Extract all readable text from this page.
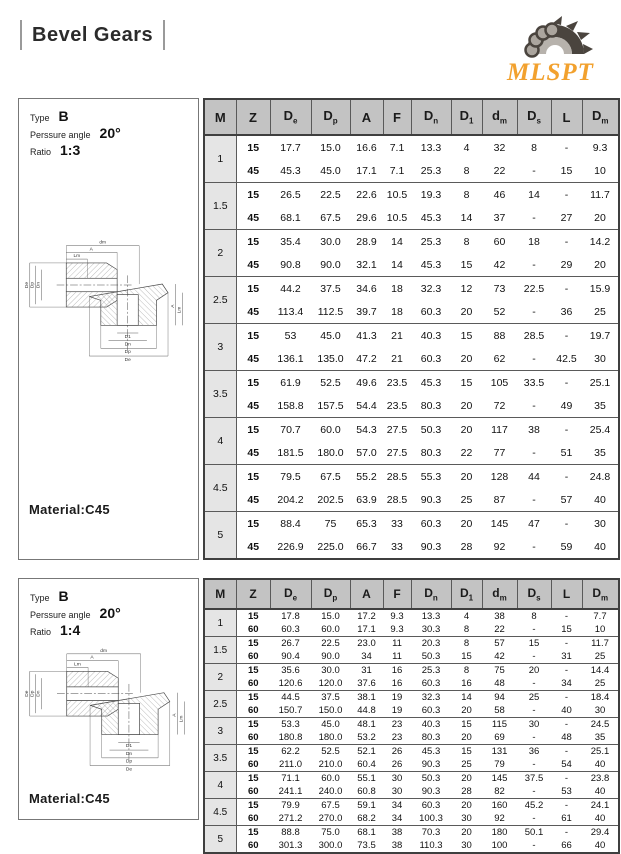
Bevel Gears
MLSPT
Type B
Perssure angle 20°
Ratio 1:3
dm
A
Lm
De Dp Dn
D1
Dn
Dp
De
A
Lm
Material:C45
M	Z	$D_e$	$D_p$	A	F	$D_n$	$D_1$	$d_m$	$D_s$	L	$D_m$
1	15	17.7	15.0	16.6	7.1	13.3	4	32	8	-	9.3
	45	45.3	45.0	17.1	7.1	25.3	8	22	-	15	10
1.5	15	26.5	22.5	22.6	10.5	19.3	8	46	14	-	11.7
	45	68.1	67.5	29.6	10.5	45.3	14	37	-	27	20
2	15	35.4	30.0	28.9	14	25.3	8	60	18	-	14.2
	45	90.8	90.0	32.1	14	45.3	15	42	-	29	20
2.5	15	44.2	37.5	34.6	18	32.3	12	73	22.5	-	15.9
	45	113.4	112.5	39.7	18	60.3	20	52	-	36	25
3	15	53	45.0	41.3	21	40.3	15	88	28.5	-	19.7
	45	136.1	135.0	47.2	21	60.3	20	62	-	42.5	30
3.5	15	61.9	52.5	49.6	23.5	45.3	15	105	33.5	-	25.1
	45	158.8	157.5	54.4	23.5	80.3	20	72	-	49	35
4	15	70.7	60.0	54.3	27.5	50.3	20	117	38	-	25.4
	45	181.5	180.0	57.0	27.5	80.3	22	77	-	51	35
4.5	15	79.5	67.5	55.2	28.5	55.3	20	128	44	-	24.8
	45	204.2	202.5	63.9	28.5	90.3	25	87	-	57	40
5	15	88.4	75	65.3	33	60.3	20	145	47	-	30
	45	226.9	225.0	66.7	33	90.3	28	92	-	59	40
Type B
Perssure angle 20°
Ratio 1:4
dm
A
Lm
De Dp Dn
D1
Dn
Dp
De
A
Lm
Material:C45
M	Z	$D_e$	$D_p$	A	F	$D_n$	$D_1$	$d_m$	$D_s$	L	$D_m$
1	15	17.8	15.0	17.2	9.3	13.3	4	38	8	-	7.7
	60	60.3	60.0	17.1	9.3	30.3	8	22	-	15	10
1.5	15	26.7	22.5	23.0	11	20.3	8	57	15	-	11.7
	60	90.4	90.0	34	11	50.3	15	42	-	31	25
2	15	35.6	30.0	31	16	25.3	8	75	20	-	14.4
	60	120.6	120.0	37.6	16	60.3	16	48	-	34	25
2.5	15	44.5	37.5	38.1	19	32.3	14	94	25	-	18.4
	60	150.7	150.0	44.8	19	60.3	20	58	-	40	30
3	15	53.3	45.0	48.1	23	40.3	15	115	30	-	24.5
	60	180.8	180.0	53.2	23	80.3	20	69	-	48	35
3.5	15	62.2	52.5	52.1	26	45.3	15	131	36	-	25.1
	60	211.0	210.0	60.4	26	90.3	25	79	-	54	40
4	15	71.1	60.0	55.1	30	50.3	20	145	37.5	-	23.8
	60	241.1	240.0	60.8	30	90.3	28	82	-	53	40
4.5	15	79.9	67.5	59.1	34	60.3	20	160	45.2	-	24.1
	60	271.2	270.0	68.2	34	100.3	30	92	-	61	40
5	15	88.8	75.0	68.1	38	70.3	20	180	50.1	-	29.4
	60	301.3	300.0	73.5	38	110.3	30	100	-	66	40
